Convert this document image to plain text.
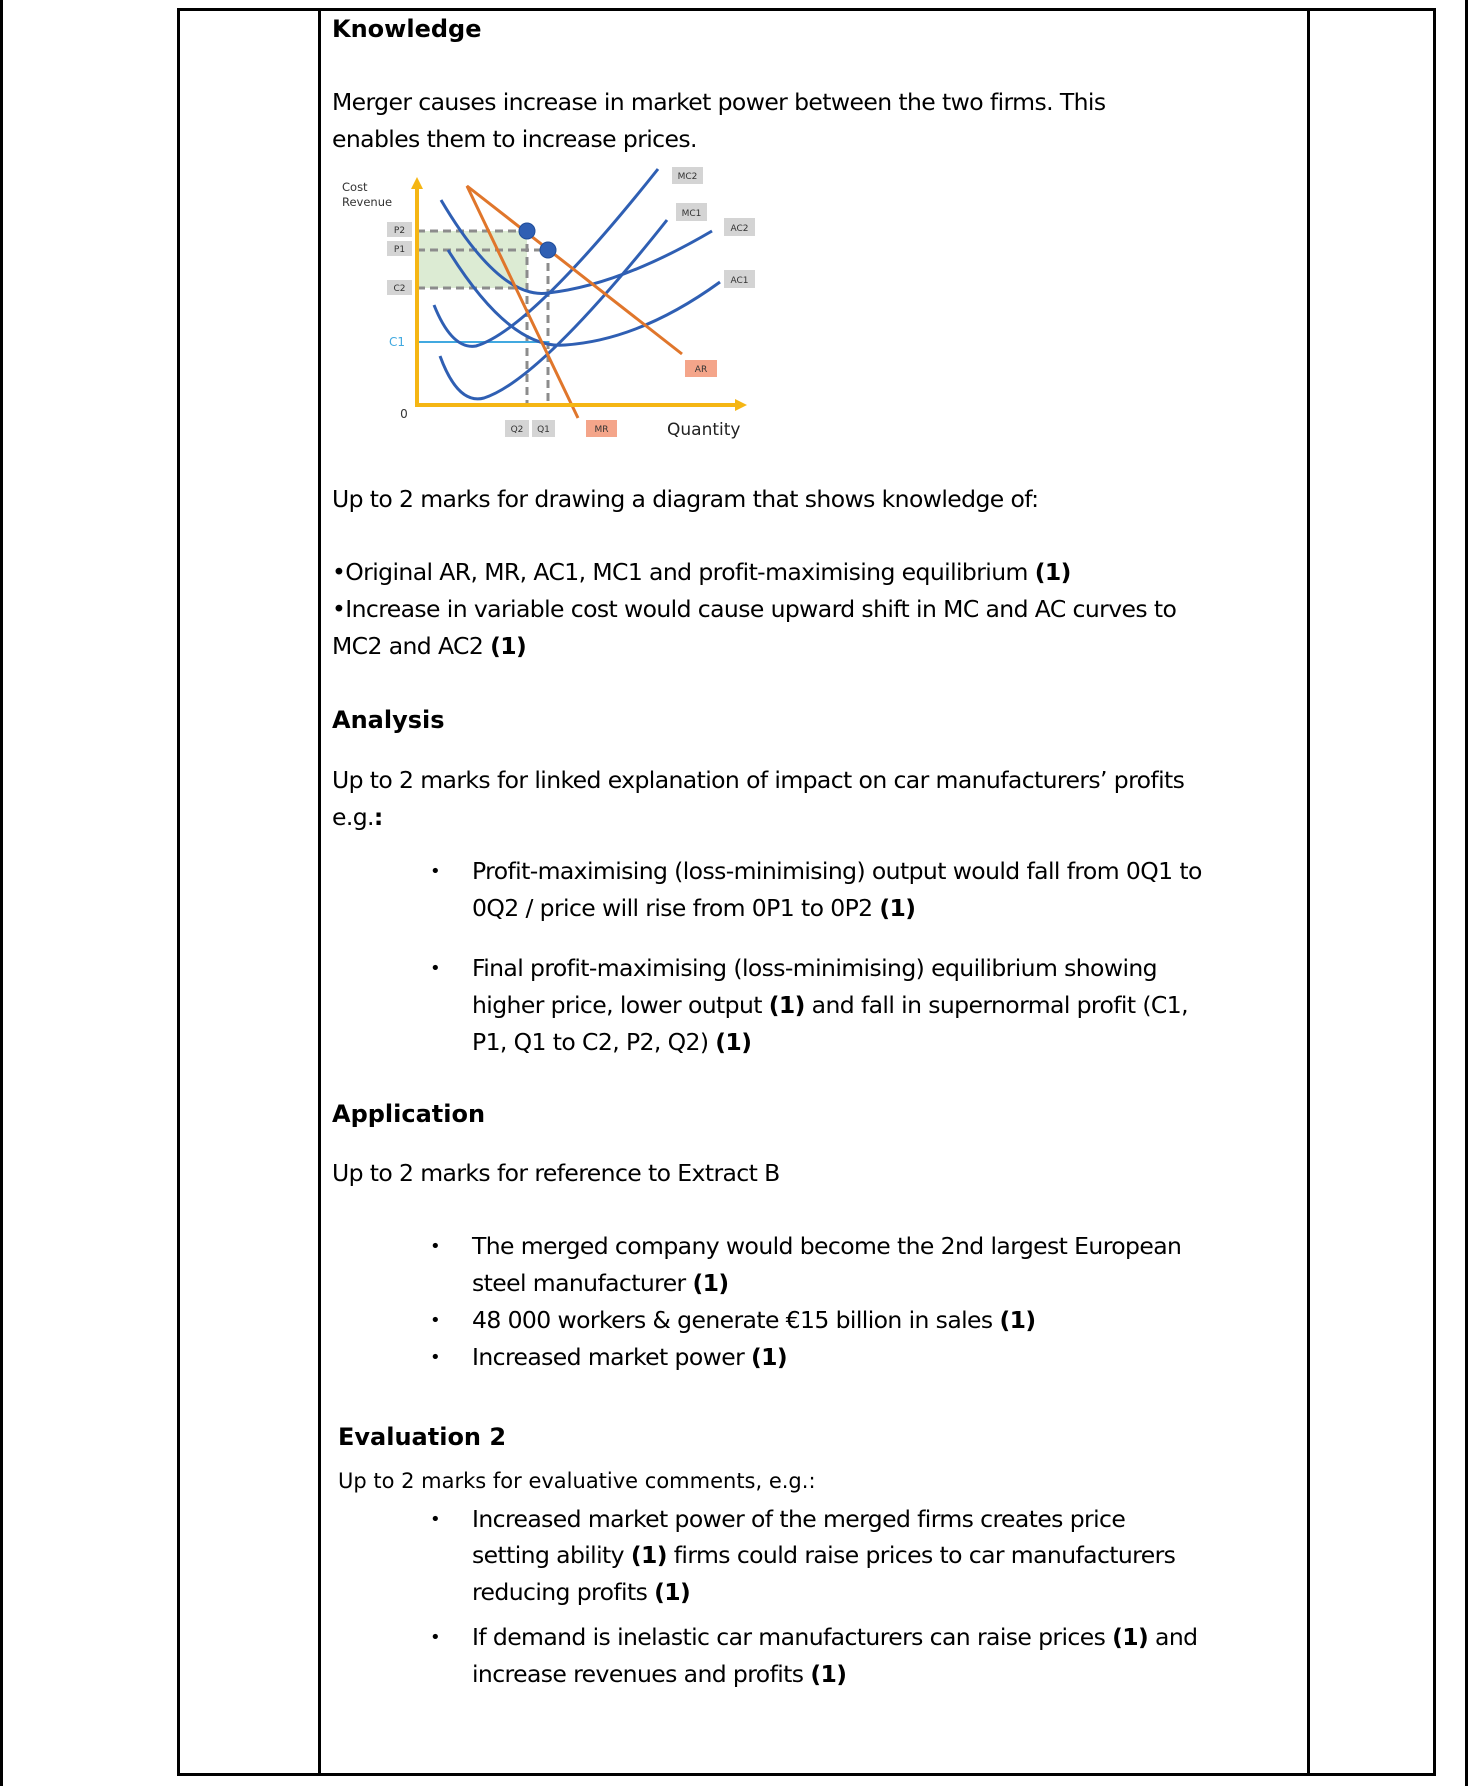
Knowledge
Merger causes increase in market power between the two firms. This
enables them to increase prices.
P2
P1
C2
Q2 Q1
MC2
MC1
AC2
AC1
AR
MR
C1
Cost
Revenue
0
Quantity
Up to 2 marks for drawing a diagram that shows knowledge of:
•Original AR, MR, AC1, MC1 and profit-maximising equilibrium (1)
•Increase in variable cost would cause upward shift in MC and AC curves to
MC2 and AC2 (1)
Analysis
Up to 2 marks for linked explanation of impact on car manufacturers’ profits
e.g.:
• Profit-maximising (loss-minimising) output would fall from 0Q1 to
0Q2 / price will rise from 0P1 to 0P2 (1)
• Final profit-maximising (loss-minimising) equilibrium showing
higher price, lower output (1) and fall in supernormal profit (C1,
P1, Q1 to C2, P2, Q2) (1)
Application
Up to 2 marks for reference to Extract B
• The merged company would become the 2nd largest European
steel manufacturer (1)
• 48 000 workers & generate €15 billion in sales (1)
• Increased market power (1)
Evaluation 2
Up to 2 marks for evaluative comments, e.g.:
• Increased market power of the merged firms creates price
setting ability (1) firms could raise prices to car manufacturers
reducing profits (1)
• If demand is inelastic car manufacturers can raise prices (1) and
increase revenues and profits (1)
